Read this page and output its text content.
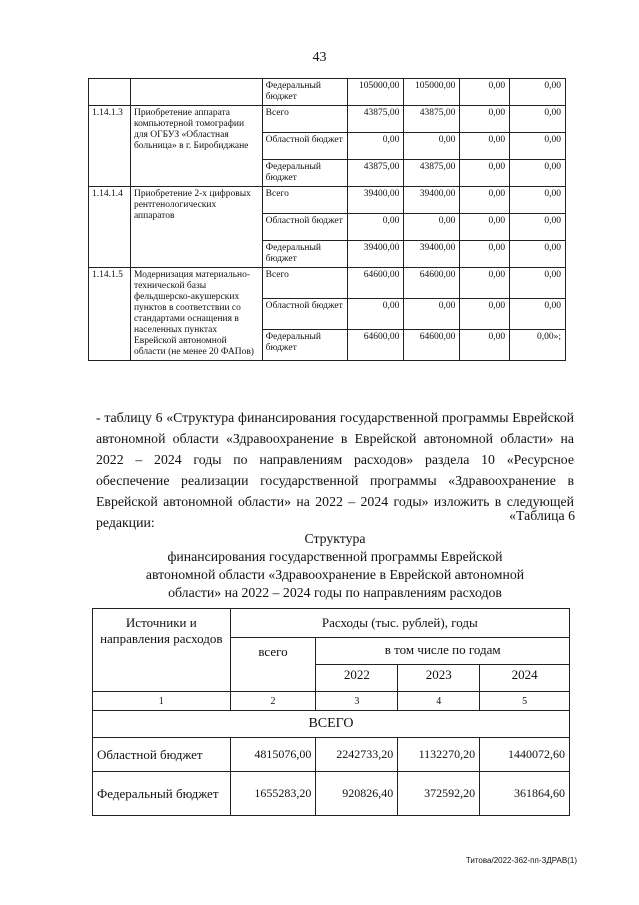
43
		Федеральный бюджет	105000,00	105000,00	0,00	0,00
1.14.1.3	Приобретение аппарата компьютерной томографии для ОГБУЗ «Областная больница» в г. Биробиджане	Всего	43875,00	43875,00	0,00	0,00
		Областной бюджет	0,00	0,00	0,00	0,00
		Федеральный бюджет	43875,00	43875,00	0,00	0,00
1.14.1.4	Приобретение 2-х цифровых рентгенологических аппаратов	Всего	39400,00	39400,00	0,00	0,00
		Областной бюджет	0,00	0,00	0,00	0,00
		Федеральный бюджет	39400,00	39400,00	0,00	0,00
1.14.1.5	Модернизация материально-технической базы фельдшерско-акушерских пунктов в соответствии со стандартами оснащения в населенных пунктах Еврейской автономной области (не менее 20 ФАПов)	Всего	64600,00	64600,00	0,00	0,00
		Областной бюджет	0,00	0,00	0,00	0,00
		Федеральный бюджет	64600,00	64600,00	0,00	0,00»;
- таблицу 6 «Структура финансирования государственной программы Еврейской автономной области «Здравоохранение в Еврейской автономной области» на 2022 – 2024 годы по направлениям расходов» раздела 10 «Ресурсное обеспечение реализации государственной программы «Здравоохранение в Еврейской автономной области» на 2022 – 2024 годы» изложить в следующей редакции:	«Таблица 6
Структура
финансирования государственной программы Еврейской
автономной области «Здравоохранение в Еврейской автономной
области» на 2022 – 2024 годы по направлениям расходов
Источники и направления расходов	Расходы (тыс. рублей), годы			
	всего	в том числе по годам		
		2022	2023	2024
1	2	3	4	5
ВСЕГО				
Областной бюджет	4815076,00	2242733,20	1132270,20	1440072,60
Федеральный бюджет	1655283,20	920826,40	372592,20	361864,60
Титова/2022-362-пп-ЗДРАВ(1)
